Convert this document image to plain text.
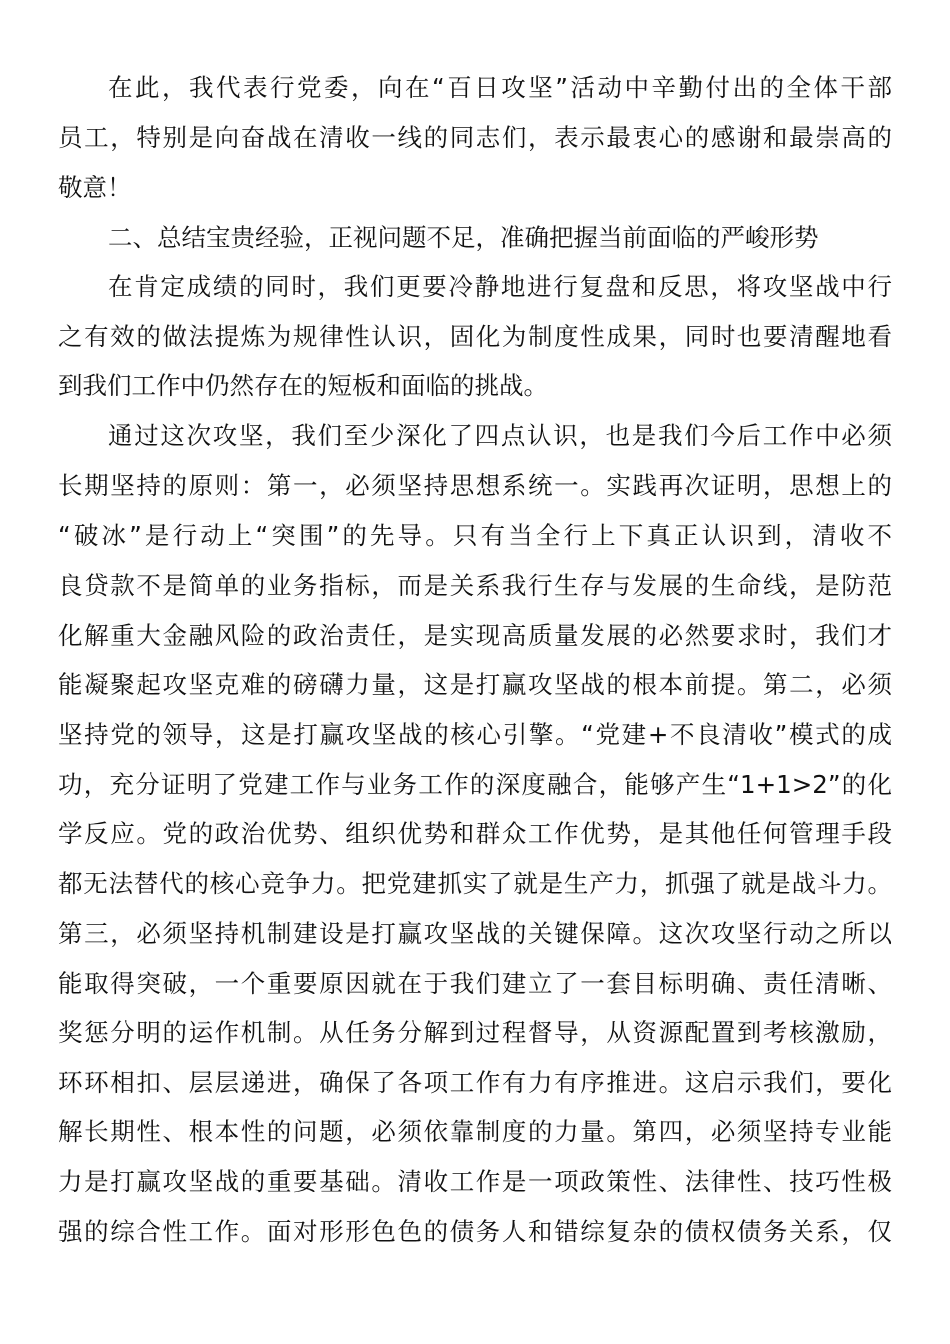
在此，我代表行党委，向在“百日攻坚”活动中辛勤付出的全体干部
员工，特别是向奋战在清收一线的同志们，表示最衷心的感谢和最崇高的
敬意！
二、总结宝贵经验，正视问题不足，准确把握当前面临的严峻形势
在肯定成绩的同时，我们更要冷静地进行复盘和反思，将攻坚战中行
之有效的做法提炼为规律性认识，固化为制度性成果，同时也要清醒地看
到我们工作中仍然存在的短板和面临的挑战。
通过这次攻坚，我们至少深化了四点认识，也是我们今后工作中必须
长期坚持的原则：第一，必须坚持思想系统一。实践再次证明，思想上的
“破冰”是行动上“突围”的先导。只有当全行上下真正认识到，清收不
良贷款不是简单的业务指标，而是关系我行生存与发展的生命线，是防范
化解重大金融风险的政治责任，是实现高质量发展的必然要求时，我们才
能凝聚起攻坚克难的磅礴力量，这是打赢攻坚战的根本前提。第二，必须
坚持党的领导，这是打赢攻坚战的核心引擎。“党建+不良清收”模式的成
功，充分证明了党建工作与业务工作的深度融合，能够产生“1+1>2”的化
学反应。党的政治优势、组织优势和群众工作优势，是其他任何管理手段
都无法替代的核心竞争力。把党建抓实了就是生产力，抓强了就是战斗力。
第三，必须坚持机制建设是打赢攻坚战的关键保障。这次攻坚行动之所以
能取得突破，一个重要原因就在于我们建立了一套目标明确、责任清晰、
奖惩分明的运作机制。从任务分解到过程督导，从资源配置到考核激励，
环环相扣、层层递进，确保了各项工作有力有序推进。这启示我们，要化
解长期性、根本性的问题，必须依靠制度的力量。第四，必须坚持专业能
力是打赢攻坚战的重要基础。清收工作是一项政策性、法律性、技巧性极
强的综合性工作。面对形形色色的债务人和错综复杂的债权债务关系，仅
